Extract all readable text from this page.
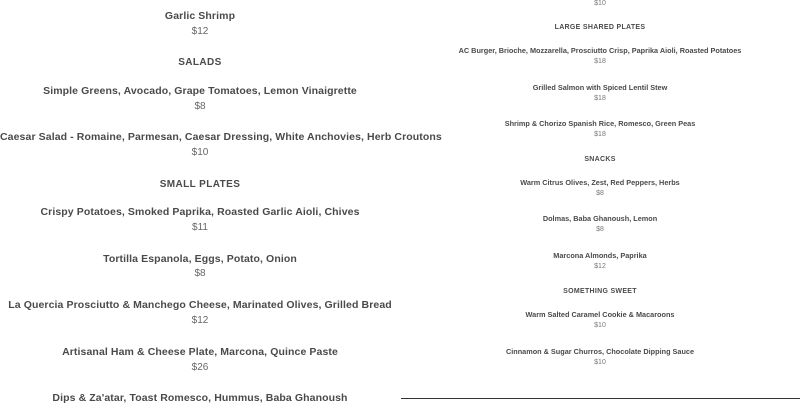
Garlic Shrimp
$12
SALADS
Simple Greens, Avocado, Grape Tomatoes, Lemon Vinaigrette
$8
Caesar Salad - Romaine, Parmesan, Caesar Dressing, White Anchovies, Herb Croutons
$10
SMALL PLATES
Crispy Potatoes, Smoked Paprika, Roasted Garlic Aioli, Chives
$11
Tortilla Espanola, Eggs, Potato, Onion
$8
La Quercia Prosciutto & Manchego Cheese, Marinated Olives, Grilled Bread
$12
Artisanal Ham & Cheese Plate, Marcona, Quince Paste
$26
Dips & Za'atar, Toast Romesco, Hummus, Baba Ghanoush
$10
LARGE SHARED PLATES
AC Burger, Brioche, Mozzarella, Prosciutto Crisp, Paprika Aioli, Roasted Potatoes
$18
Grilled Salmon with Spiced Lentil Stew
$18
Shrimp & Chorizo Spanish Rice, Romesco, Green Peas
$18
SNACKS
Warm Citrus Olives, Zest, Red Peppers, Herbs
$8
Dolmas, Baba Ghanoush, Lemon
$8
Marcona Almonds, Paprika
$12
SOMETHING SWEET
Warm Salted Caramel Cookie & Macaroons
$10
Cinnamon & Sugar Churros, Chocolate Dipping Sauce
$10
